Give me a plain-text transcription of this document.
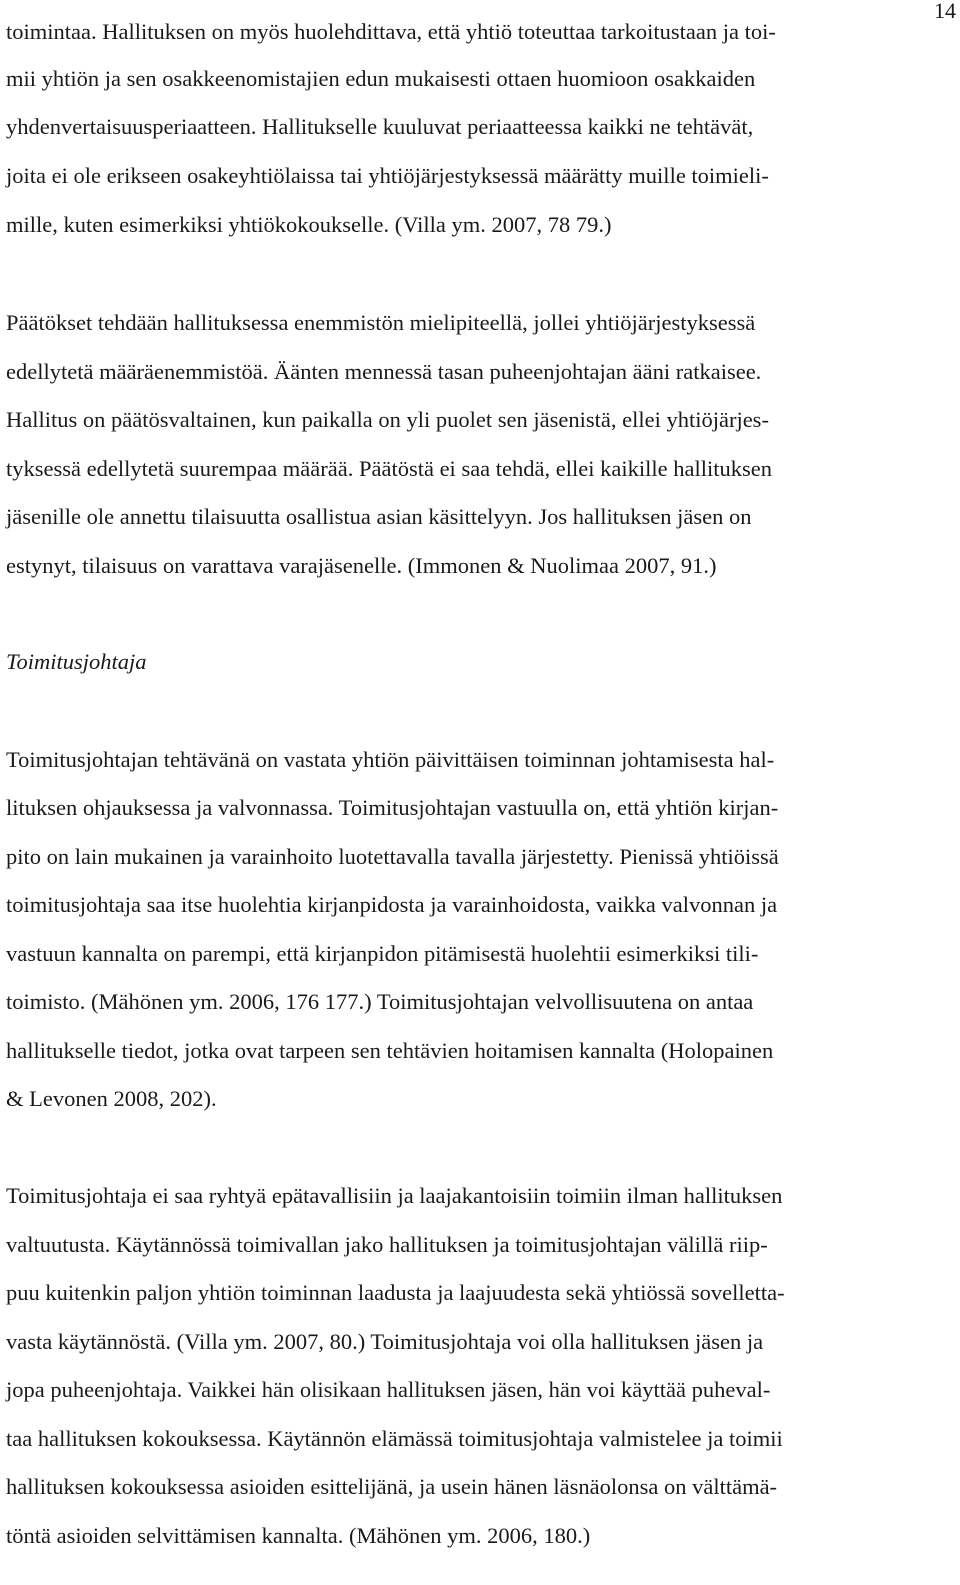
14
toimintaa. Hallituksen on myös huolehdittava, että yhtiö toteuttaa tarkoitustaan ja toi-
mii yhtiön ja sen osakkeenomistajien edun mukaisesti ottaen huomioon osakkaiden
yhdenvertaisuusperiaatteen. Hallitukselle kuuluvat periaatteessa kaikki ne tehtävät,
joita ei ole erikseen osakeyhtiölaissa tai yhtiöjärjestyksessä määrätty muille toimieli-
mille, kuten esimerkiksi yhtiökokoukselle. (Villa ym. 2007, 78 79.)
Päätökset tehdään hallituksessa enemmistön mielipiteellä, jollei yhtiöjärjestyksessä
edellytetä määräenemmistöä. Äänten mennessä tasan puheenjohtajan ääni ratkaisee.
Hallitus on päätösvaltainen, kun paikalla on yli puolet sen jäsenistä, ellei yhtiöjärjes-
tyksessä edellytetä suurempaa määrää. Päätöstä ei saa tehdä, ellei kaikille hallituksen
jäsenille ole annettu tilaisuutta osallistua asian käsittelyyn. Jos hallituksen jäsen on
estynyt, tilaisuus on varattava varajäsenelle. (Immonen & Nuolimaa 2007, 91.)
Toimitusjohtaja
Toimitusjohtajan tehtävänä on vastata yhtiön päivittäisen toiminnan johtamisesta hal-
lituksen ohjauksessa ja valvonnassa. Toimitusjohtajan vastuulla on, että yhtiön kirjan-
pito on lain mukainen ja varainhoito luotettavalla tavalla järjestetty. Pienissä yhtiöissä
toimitusjohtaja saa itse huolehtia kirjanpidosta ja varainhoidosta, vaikka valvonnan ja
vastuun kannalta on parempi, että kirjanpidon pitämisestä huolehtii esimerkiksi tili-
toimisto. (Mähönen ym. 2006, 176 177.) Toimitusjohtajan velvollisuutena on antaa
hallitukselle tiedot, jotka ovat tarpeen sen tehtävien hoitamisen kannalta (Holopainen
& Levonen 2008, 202).
Toimitusjohtaja ei saa ryhtyä epätavallisiin ja laajakantoisiin toimiin ilman hallituksen
valtuutusta. Käytännössä toimivallan jako hallituksen ja toimitusjohtajan välillä riip-
puu kuitenkin paljon yhtiön toiminnan laadusta ja laajuudesta sekä yhtiössä sovelletta-
vasta käytännöstä. (Villa ym. 2007, 80.) Toimitusjohtaja voi olla hallituksen jäsen ja
jopa puheenjohtaja. Vaikkei hän olisikaan hallituksen jäsen, hän voi käyttää puheval-
taa hallituksen kokouksessa. Käytännön elämässä toimitusjohtaja valmistelee ja toimii
hallituksen kokouksessa asioiden esittelijänä, ja usein hänen läsnäolonsa on välttämä-
töntä asioiden selvittämisen kannalta. (Mähönen ym. 2006, 180.)
